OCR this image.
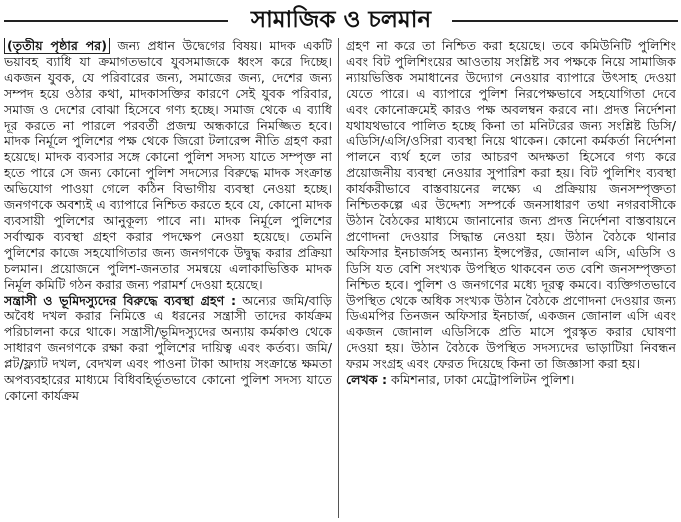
সামাজিক ও চলমান

(তৃতীয় পৃষ্ঠার পর) জন্য প্রধান উদ্বেগের বিষয়। মাদক একটি ভয়াবহ ব্যাধি যা ক্রমাগতভাবে যুবসমাজকে ধ্বংস করে দিচ্ছে। একজন যুবক, যে পরিবারের জন্য, সমাজের জন্য, দেশের জন্য সম্পদ হয়ে ওঠার কথা, মাদকাসক্তির কারণে সেই যুবক পরিবার, সমাজ ও দেশের বোঝা হিসেবে গণ্য হচ্ছে। সমাজ থেকে এ ব্যাধি দূর করতে না পারলে পরবর্তী প্রজন্ম অন্ধকারে নিমজ্জিত হবে। মাদক নির্মূলে পুলিশের পক্ষ থেকে জিরো টলারেন্স নীতি গ্রহণ করা হয়েছে। মাদক ব্যবসার সঙ্গে কোনো পুলিশ সদস্য যাতে সম্পৃক্ত না হতে পারে সে জন্য কোনো পুলিশ সদস্যের বিরুদ্ধে মাদক সংক্রান্ত অভিযোগ পাওয়া গেলে কঠিন বিভাগীয় ব্যবস্থা নেওয়া হচ্ছে। জনগণকে অবশ্যই এ ব্যাপারে নিশ্চিত করতে হবে যে, কোনো মাদক ব্যবসায়ী পুলিশের আনুকূল্য পাবে না। মাদক নির্মূলে পুলিশের সর্বাত্মক ব্যবস্থা গ্রহণ করার পদক্ষেপ নেওয়া হয়েছে। তেমনি পুলিশের কাজে সহযোগিতার জন্য জনগণকে উদ্বুদ্ধ করার প্রক্রিয়া চলমান। প্রয়োজনে পুলিশ-জনতার সমন্বয়ে এলাকাভিত্তিক মাদক নির্মূল কমিটি গঠন করার জন্য পরামর্শ দেওয়া হয়েছে।

সন্ত্রাসী ও ভূমিদস্যুদের বিরুদ্ধে ব্যবস্থা গ্রহণ : অন্যের জমি/বাড়ি অবৈধ দখল করার নিমিত্তে এ ধরনের সন্ত্রাসী তাদের কার্যক্রম পরিচালনা করে থাকে। সন্ত্রাসী/ভূমিদস্যুদের অন্যায় কর্মকাণ্ড থেকে সাধারণ জনগণকে রক্ষা করা পুলিশের দায়িত্ব এবং কর্তব্য। জমি/প্লট/ফ্ল্যাট দখল, বেদখল এবং পাওনা টাকা আদায় সংক্রান্তে ক্ষমতা অপব্যবহারের মাধ্যমে বিধিবহির্ভূতভাবে কোনো পুলিশ সদস্য যাতে কোনো কার্যক্রম

গ্রহণ না করে তা নিশ্চিত করা হয়েছে। তবে কমিউনিটি পুলিশিং এবং বিট পুলিশিংয়ের আওতায় সংশ্লিষ্ট সব পক্ষকে নিয়ে সামাজিক ন্যায়ভিত্তিক সমাধানের উদ্যোগ নেওয়ার ব্যাপারে উৎসাহ দেওয়া যেতে পারে। এ ব্যাপারে পুলিশ নিরপেক্ষভাবে সহযোগিতা দেবে এবং কোনোক্রমেই কারও পক্ষ অবলম্বন করবে না। প্রদত্ত নির্দেশনা যথাযথভাবে পালিত হচ্ছে কিনা তা মনিটরের জন্য সংশ্লিষ্ট ডিসি/এডিসি/এসি/ওসিরা ব্যবস্থা নিয়ে থাকেন। কোনো কর্মকর্তা নির্দেশনা পালনে ব্যর্থ হলে তার আচরণ অদক্ষতা হিসেবে গণ্য করে প্রয়োজনীয় ব্যবস্থা নেওয়ার সুপারিশ করা হয়। বিট পুলিশিং ব্যবস্থা কার্যকরীভাবে বাস্তবায়নের লক্ষ্যে এ প্রক্রিয়ায় জনসম্পৃক্ততা নিশ্চিতকল্পে এর উদ্দেশ্য সম্পর্কে জনসাধারণ তথা নগরবাসীকে উঠান বৈঠকের মাধ্যমে জানানোর জন্য প্রদত্ত নির্দেশনা বাস্তবায়নে প্রণোদনা দেওয়ার সিদ্ধান্ত নেওয়া হয়। উঠান বৈঠকে থানার অফিসার ইনচার্জসহ অন্যান্য ইন্সপেক্টর, জোনাল এসি, এডিসি ও ডিসি যত বেশি সংখ্যক উপস্থিত থাকবেন তত বেশি জনসম্পৃক্ততা নিশ্চিত হবে। পুলিশ ও জনগণের মধ্যে দূরত্ব কমবে। ব্যক্তিগতভাবে উপস্থিত থেকে অধিক সংখ্যক উঠান বৈঠকে প্রণোদনা দেওয়ার জন্য ডিএমপির তিনজন অফিসার ইনচার্জ, একজন জোনাল এসি এবং একজন জোনাল এডিসিকে প্রতি মাসে পুরস্কৃত করার ঘোষণা দেওয়া হয়। উঠান বৈঠকে উপস্থিত সদস্যদের ভাড়াটিয়া নিবন্ধন ফরম সংগ্রহ এবং ফেরত দিয়েছে কিনা তা জিজ্ঞাসা করা হয়।

লেখক : কমিশনার, ঢাকা মেট্রোপলিটন পুলিশ।
